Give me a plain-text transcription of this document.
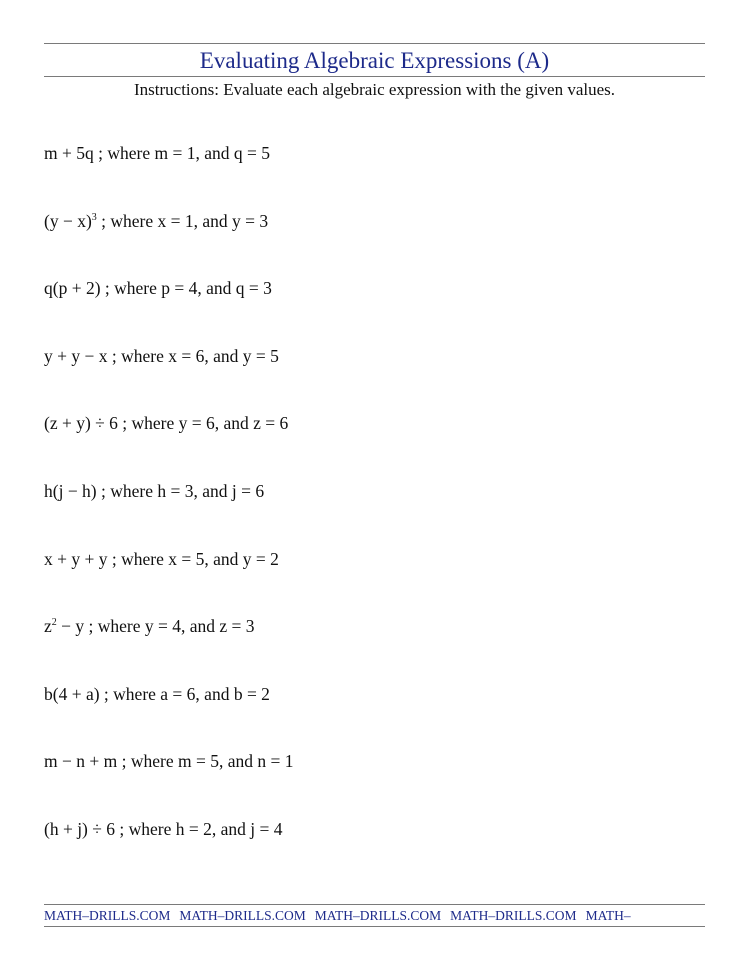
Evaluating Algebraic Expressions (A)
Instructions: Evaluate each algebraic expression with the given values.
m + 5q ; where m = 1, and q = 5
$(y - x)^3$ ; where x = 1, and y = 3
q(p + 2) ; where p = 4, and q = 3
y + y − x ; where x = 6, and y = 5
(z + y) ÷ 6 ; where y = 6, and z = 6
h(j − h) ; where h = 3, and j = 6
x + y + y ; where x = 5, and y = 2
$z^2 - y$ ; where y = 4, and z = 3
b(4 + a) ; where a = 6, and b = 2
m − n + m ; where m = 5, and n = 1
(h + j) ÷ 6 ; where h = 2, and j = 4
MATH–DRILLS.COM MATH–DRILLS.COM MATH–DRILLS.COM MATH–DRILLS.COM MATH–
